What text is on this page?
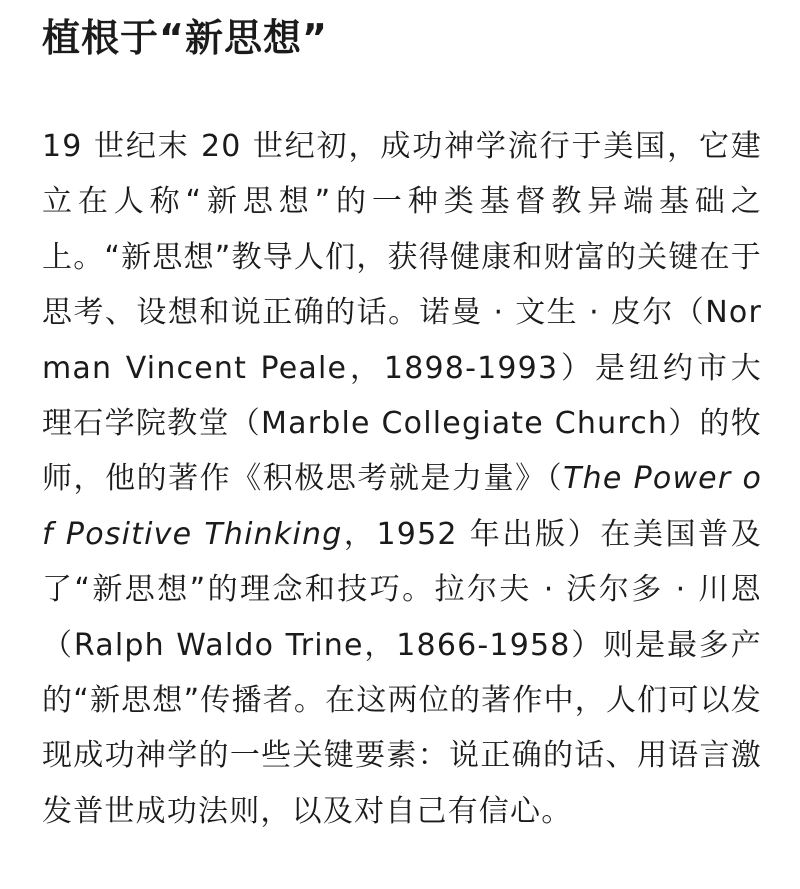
植根于“新思想”

19 世纪末 20 世纪初，成功神学流行于美国，它建立在人称“新思想”的一种类基督教异端基础之上。“新思想”教导人们，获得健康和财富的关键在于思考、设想和说正确的话。诺曼 · 文生 · 皮尔（Norman Vincent Peale，1898-1993）是纽约市大理石学院教堂（Marble Collegiate Church）的牧师，他的著作《积极思考就是力量》（The Power of Positive Thinking，1952 年出版）在美国普及了“新思想”的理念和技巧。拉尔夫 · 沃尔多 · 川恩（Ralph Waldo Trine，1866-1958）则是最多产的“新思想”传播者。在这两位的著作中，人们可以发现成功神学的一些关键要素：说正确的话、用语言激发普世成功法则，以及对自己有信心。
